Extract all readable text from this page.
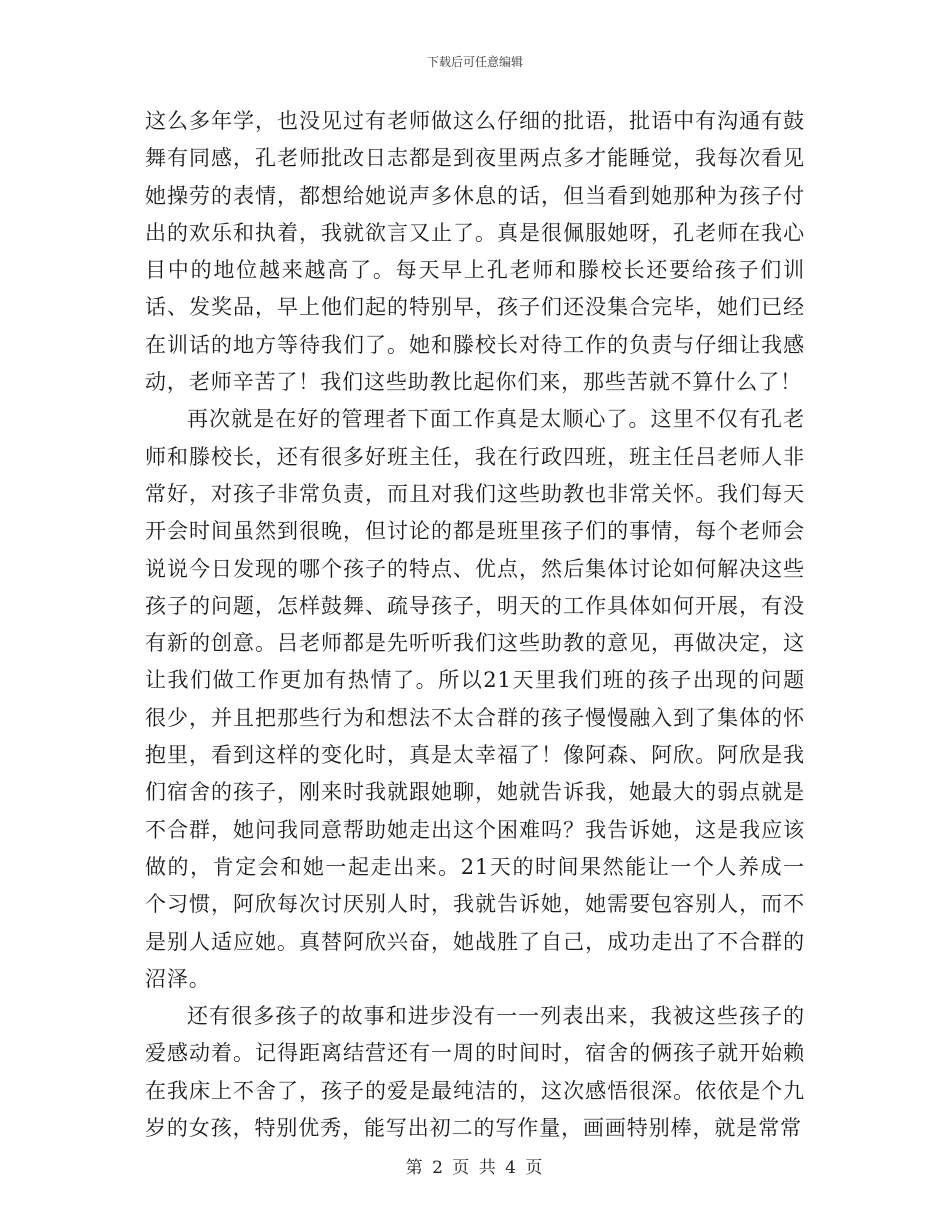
下载后可任意编辑

这么多年学，也没见过有老师做这么仔细的批语，批语中有沟通有鼓舞有同感，孔老师批改日志都是到夜里两点多才能睡觉，我每次看见她操劳的表情，都想给她说声多休息的话，但当看到她那种为孩子付出的欢乐和执着，我就欲言又止了。真是很佩服她呀，孔老师在我心目中的地位越来越高了。每天早上孔老师和滕校长还要给孩子们训话、发奖品，早上他们起的特别早，孩子们还没集合完毕，她们已经在训话的地方等待我们了。她和滕校长对待工作的负责与仔细让我感动，老师辛苦了！我们这些助教比起你们来，那些苦就不算什么了！

再次就是在好的管理者下面工作真是太顺心了。这里不仅有孔老师和滕校长，还有很多好班主任，我在行政四班，班主任吕老师人非常好，对孩子非常负责，而且对我们这些助教也非常关怀。我们每天开会时间虽然到很晚，但讨论的都是班里孩子们的事情，每个老师会说说今日发现的哪个孩子的特点、优点，然后集体讨论如何解决这些孩子的问题，怎样鼓舞、疏导孩子，明天的工作具体如何开展，有没有新的创意。吕老师都是先听听我们这些助教的意见，再做决定，这让我们做工作更加有热情了。所以21天里我们班的孩子出现的问题很少，并且把那些行为和想法不太合群的孩子慢慢融入到了集体的怀抱里，看到这样的变化时，真是太幸福了！像阿森、阿欣。阿欣是我们宿舍的孩子，刚来时我就跟她聊，她就告诉我，她最大的弱点就是不合群，她问我同意帮助她走出这个困难吗？我告诉她，这是我应该做的，肯定会和她一起走出来。21天的时间果然能让一个人养成一个习惯，阿欣每次讨厌别人时，我就告诉她，她需要包容别人，而不是别人适应她。真替阿欣兴奋，她战胜了自己，成功走出了不合群的沼泽。

还有很多孩子的故事和进步没有一一列表出来，我被这些孩子的爱感动着。记得距离结营还有一周的时间时，宿舍的俩孩子就开始赖在我床上不舍了，孩子的爱是最纯洁的，这次感悟很深。依依是个九岁的女孩，特别优秀，能写出初二的写作量，画画特别棒，就是常常

第 2 页 共 4 页
